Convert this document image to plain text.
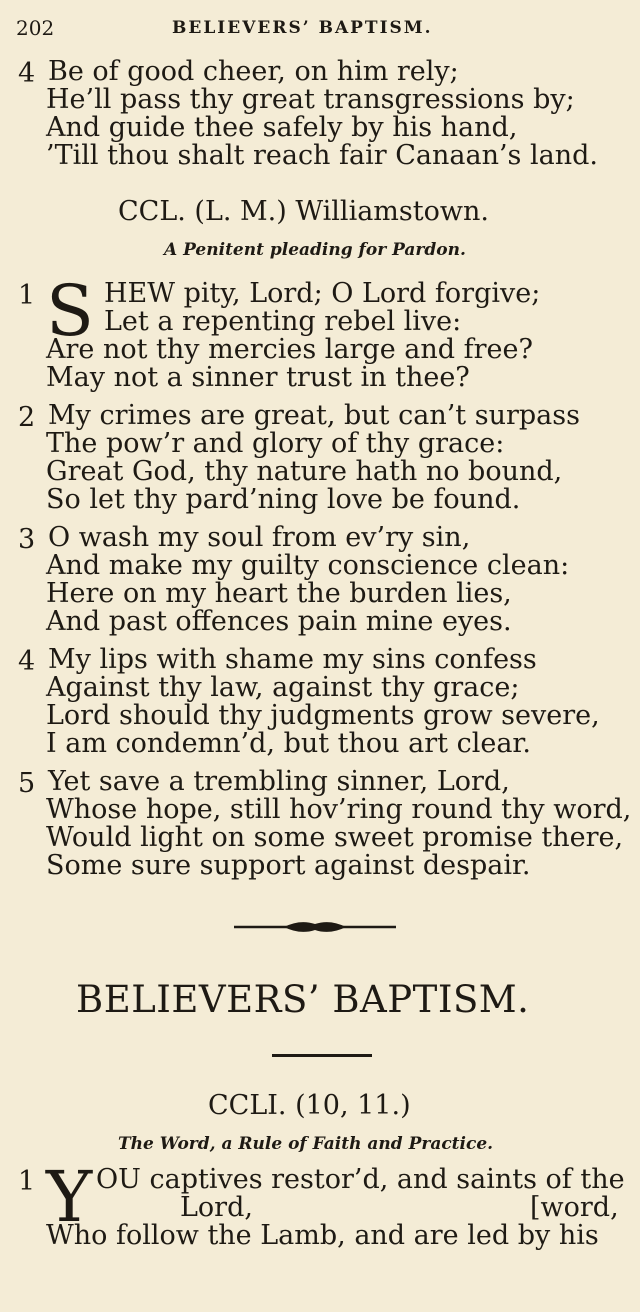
202	BELIEVERS’ BAPTISM.
4 Be of good cheer, on him rely;
He’ll pass thy great transgressions by;
And guide thee safely by his hand,
’Till thou shalt reach fair Canaan’s land.
CCL. (L. M.) Williamstown.
A Penitent pleading for Pardon.
1 S HEW pity, Lord; O Lord forgive;
Let a repenting rebel live:
Are not thy mercies large and free?
May not a sinner trust in thee?
2 My crimes are great, but can’t surpass
The pow’r and glory of thy grace:
Great God, thy nature hath no bound,
So let thy pard’ning love be found.
3 O wash my soul from ev’ry sin,
And make my guilty conscience clean:
Here on my heart the burden lies,
And past offences pain mine eyes.
4 My lips with shame my sins confess
Against thy law, against thy grace;
Lord should thy judgments grow severe,
I am condemn’d, but thou art clear.
5 Yet save a trembling sinner, Lord,
Whose hope, still hov’ring round thy word,
Would light on some sweet promise there,
Some sure support against despair.
BELIEVERS’ BAPTISM.
CCLI. (10, 11.)
The Word, a Rule of Faith and Practice.
1 Y OU captives restor’d, and saints of the
Lord,	[word,
Who follow the Lamb, and are led by his
